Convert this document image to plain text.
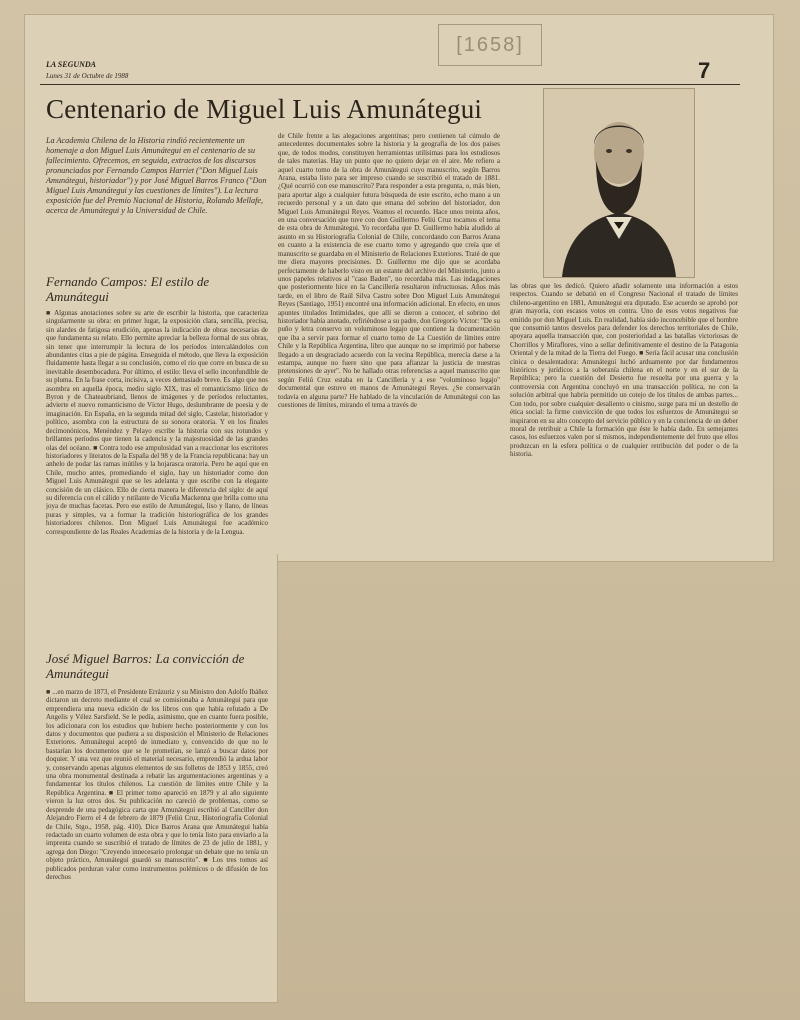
[1658]
LA SEGUNDA
Lunes 31 de Octubre de 1988	7
Centenario de Miguel Luis Amunátegui
La Academia Chilena de la Historia rindió recientemente un homenaje a don Miguel Luis Amunátegui en el centenario de su fallecimiento. Ofrecemos, en seguida, extractos de los discursos pronunciados por Fernando Campos Harriet ("Don Miguel Luis Amunátegui, historiador") y por José Miguel Barros Franco ("Don Miguel Luis Amunátegui y las cuestiones de límites"). La lectura exposición fue del Premio Nacional de Historia, Rolando Mellafe, acerca de Amunátegui y la Universidad de Chile.
Fernando Campos: El estilo de Amunátegui
■ Algunas anotaciones sobre su arte de escribir la historia, que caracteriza singularmente su obra: en primer lugar, la exposición clara, sencilla, precisa, sin alardes de fatigosa erudición, apenas la indicación de obras necesarias de que fundamenta su relato. Ello permite apreciar la belleza formal de sus obras, sin tener que interrumpir la lectura de los períodos intercalándolos con abundantes citas a pie de página. Enseguida el método, que lleva la exposición fluidamente hasta llegar a su conclusión, como el río que corre en busca de su inevitable desembocadura. Por último, el estilo: lleva el sello inconfundible de su pluma. En la frase corta, incisiva, a veces demasiado breve. Es algo que nos asombra en aquella época, medio siglo XIX, tras el romanticismo lírico de Byron y de Chateaubriand, llenos de imágenes y de períodos reluctantes, advierte el nuevo romanticismo de Víctor Hugo, deslumbrante de poesía y de imaginación. En España, en la segunda mitad del siglo, Castelar, historiador y político, asombra con la estructura de su sonora oratoria. Y en los finales decimonónicos, Menéndez y Pelayo escribe la historia con sus rotundos y brillantes períodos que tienen la cadencia y la majestuosidad de las grandes olas del océano. ■ Contra todo ese ampulosidad van a reaccionar los escritores historiadores y literatos de la España del 98 y de la Francia republicana: hay un anhelo de podar las ramas inútiles y la hojarasca oratoria. Pero he aquí que en Chile, mucho antes, promediando el siglo, hay un historiador como don Miguel Luis Amunátegui que se les adelanta y que escribe con la elegante concisión de un clásico. Ello de cierta manera le diferencia del siglo: de aquí su diferencia con el cálido y rutilante de Vicuña Mackenna que brilla como una joya de muchas facetas. Pero ese estilo de Amunátegui, liso y llano, de líneas puras y simples, va a formar la tradición historiográfica de los grandes historiadores chilenos. Don Miguel Luis Amunátegui fue académico correspondiente de las Reales Academias de la historia y de la Lengua.
José Miguel Barros: La convicción de Amunátegui
■ ...en marzo de 1873, el Presidente Errázuriz y su Ministro don Adolfo Ibáñez dictaron un decreto mediante el cual se comisionaba a Amunátegui para que emprendiera una nueva edición de los libros con que había refutado a De Angelis y Vélez Sarsfield. Se le pedía, asimismo, que en cuanto fuera posible, los adicionara con los estudios que hubiere hecho posteriormente y con los datos y documentos que pudiera a su disposición el Ministerio de Relaciones Exteriores. Amunátegui aceptó de inmediato y, convencido de que no le bastarían los documentos que se le prometían, se lanzó a buscar datos por doquier. Y una vez que reunió el material necesario, emprendió la ardua labor y, conservando apenas algunos elementos de sus folletos de 1853 y 1855, creó una obra monumental destinada a rebatir las argumentaciones argentinas y a fundamentar los títulos chilenos. La cuestión de límites entre Chile y la República Argentina. ■ El primer tomo apareció en 1879 y al año siguiente vieron la luz otros dos. Su publicación no careció de problemas, como se desprende de una pedagógica carta que Amunátegui escribió al Canciller don Alejandro Fierro el 4 de febrero de 1879 (Feliú Cruz, Historiografía Colonial de Chile, Stgo., 1958, pág. 410). Dice Barros Arana que Amunátegui había redactado un cuarto volumen de esta obra y que lo tenía listo para enviarlo a la imprenta cuando se suscribió el tratado de límites de 23 de julio de 1881, y agrega don Diego: "Creyendo innecesario prolongar un debate que no tenía un objeto práctico, Amunátegui guardó su manuscrito". ■ Los tres tomos así publicados perduran valor como instrumentos polémicos o de difusión de los derechos
de Chile frente a las alegaciones argentinas; pero contienen tal cúmulo de antecedentes documentales sobre la historia y la geografía de los dos países que, de todos modos, constituyen herramientas utilísimas para los estudiosos de tales materias. Hay un punto que no quiero dejar en el aire. Me refiero a aquel cuarto tomo de la obra de Amunátegui cuyo manuscrito, según Barros Arana, estaba listo para ser impreso cuando se suscribió el tratado de 1881. ¿Qué ocurrió con ese manuscrito? Para responder a esta pregunta, o, más bien, para aportar algo a cualquier futura búsqueda de este escrito, echo mano a un recuerdo personal y a un dato que emana del sobrino del historiador, don Miguel Luis Amunátegui Reyes. Veamos el recuerdo. Hace unos treinta años, en una conversación que tuve con don Guillermo Feliú Cruz tocamos el tema de esta obra de Amunátegui. Yo recordaba que D. Guillermo había aludido al asunto en su Historiografía Colonial de Chile, concordando con Barros Arana en cuanto a la existencia de ese cuarto tomo y agregando que creía que el manuscrito se guardaba en el Ministerio de Relaciones Exteriores. Traté de que me diera mayores precisiones. D. Guillermo me dijo que se acordaba perfectamente de haberlo visto en un estante del archivo del Ministerio, junto a unos papeles relativos al "caso Baden", no recordaba más. Las indagaciones que posteriormente hice en la Cancillería resultaron infructuosas. Años más tarde, en el libro de Raúl Silva Castro sobre Don Miguel Luis Amunátegui Reyes (Santiago, 1951) encontré una información adicional. En efecto, en unos apuntes titulados Intimidades, que allí se dieron a conocer, el sobrino del historiador había anotado, refiriéndose a su padre, don Gregorio Víctor: "De su puño y letra conservo un voluminoso legajo que contiene la documentación que iba a servir para formar el cuarto tomo de La Cuestión de límites entre Chile y la República Argentina, libro que aunque no se imprimió por haberse llegado a un desgraciado acuerdo con la vecina República, merecía darse a la estampa, aunque no fuere sino que para afianzar la justicia de nuestras pretensiones de ayer". No he hallado otras referencias a aquel manuscrito que según Feliú Cruz estaba en la Cancillería y a ese "voluminoso legajo" documental que estuvo en manos de Amunátegui Reyes. ¿Se conservarán todavía en alguna parte? He hablado de la vinculación de Amunátegui con las cuestiones de límites, mirando el tema a través de
las obras que les dedicó. Quiero añadir solamente una información a estos respectos. Cuando se debatió en el Congreso Nacional el tratado de límites chileno-argentino en 1881, Amunátegui era diputado. Ese acuerdo se aprobó por gran mayoría, con escasos votos en contra. Uno de esos votos negativos fue emitido por don Miguel Luis. En realidad, había sido inconcebible que el hombre que consumió tantos desvelos para defender los derechos territoriales de Chile, apoyara aquella transacción que, con posterioridad a las batallas victoriosas de Chorrillos y Miraflores, vino a sellar definitivamente el destino de la Patagonia Oriental y de la mitad de la Tierra del Fuego. ■ Sería fácil acusar una conclusión cínica o desalentadora: Amunátegui luchó arduamente por dar fundamentos históricos y jurídicos a la soberanía chilena en el norte y en el sur de la República; pero la cuestión del Desierto fue resuelta por una guerra y la controversia con Argentina concluyó en una transacción política, no con la solución arbitral que habría permitido un cotejo de los títulos de ambas partes... Con todo, por sobre cualquier desaliento o cinismo, surge para mí un destello de ética social: la firme convicción de que todos los esfuerzos de Amunátegui se inspiraron en su alto concepto del servicio público y en la conciencia de un deber moral de retribuir a Chile la formación que éste le había dado. En semejantes casos, los esfuerzos valen por sí mismos, independientemente del fruto que ellos produzcan en la esfera política o de cualquier retribución del poder o de la historia.
